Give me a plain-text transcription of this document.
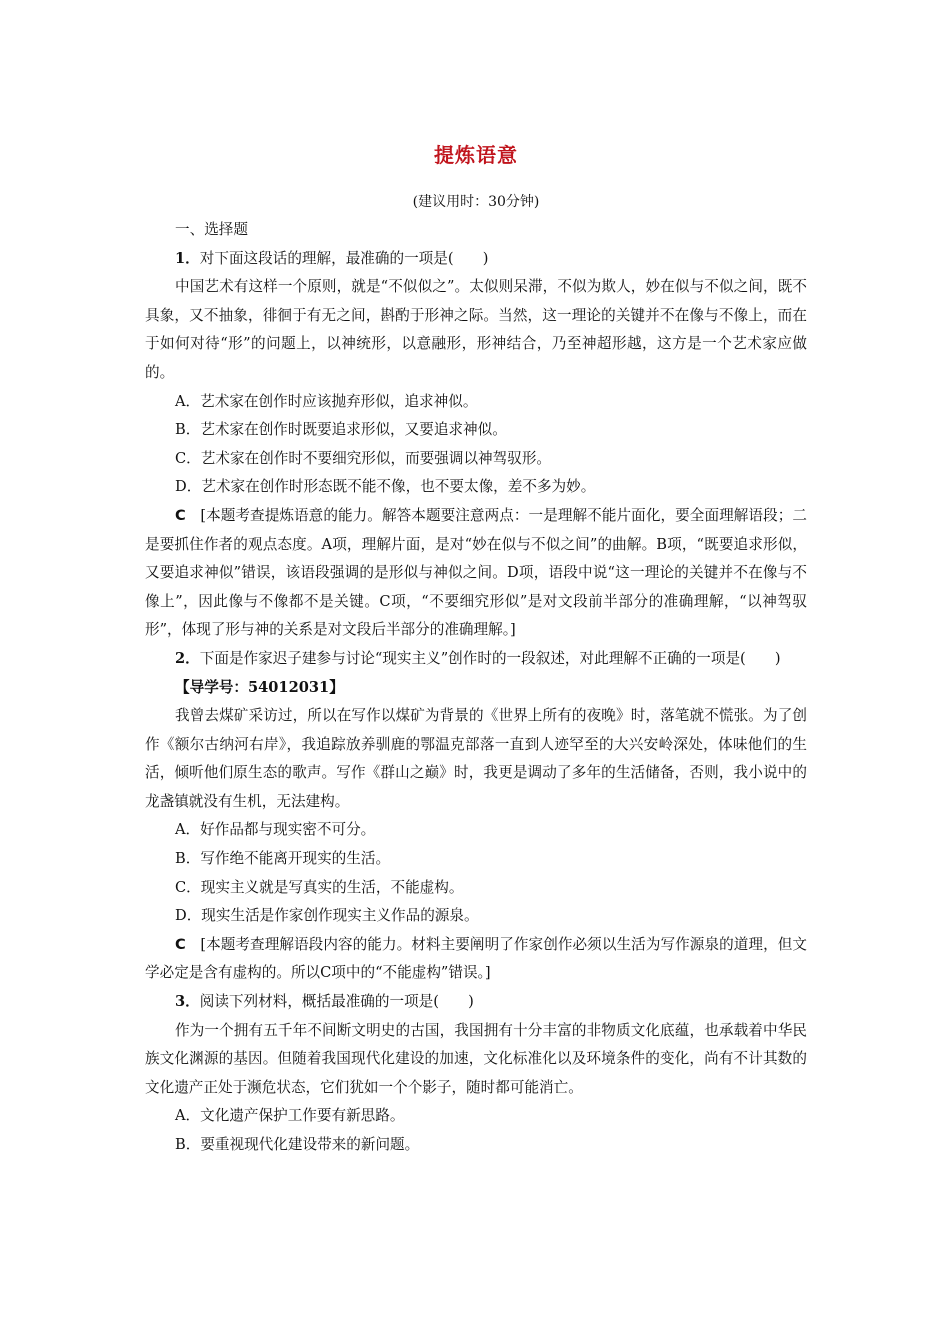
提炼语意
(建议用时：30分钟)

一、选择题

1．对下面这段话的理解，最准确的一项是(　　)

中国艺术有这样一个原则，就是“不似似之”。太似则呆滞，不似为欺人，妙在似与不似之间，既不具象，又不抽象，徘徊于有无之间，斟酌于形神之际。当然，这一理论的关键并不在像与不像上，而在于如何对待“形”的问题上，以神统形，以意融形，形神结合，乃至神超形越，这方是一个艺术家应做的。

A．艺术家在创作时应该抛弃形似，追求神似。

B．艺术家在创作时既要追求形似，又要追求神似。

C．艺术家在创作时不要细究形似，而要强调以神驾驭形。

D．艺术家在创作时形态既不能不像，也不要太像，差不多为妙。

C  [本题考查提炼语意的能力。解答本题要注意两点：一是理解不能片面化，要全面理解语段；二是要抓住作者的观点态度。A项，理解片面，是对“妙在似与不似之间”的曲解。B项，“既要追求形似，又要追求神似”错误，该语段强调的是形似与神似之间。D项，语段中说“这一理论的关键并不在像与不像上”，因此像与不像都不是关键。C项，“不要细究形似”是对文段前半部分的准确理解，“以神驾驭形”，体现了形与神的关系是对文段后半部分的准确理解。]

2．下面是作家迟子建参与讨论“现实主义”创作时的一段叙述，对此理解不正确的一项是(　　)

【导学号：54012031】

我曾去煤矿采访过，所以在写作以煤矿为背景的《世界上所有的夜晚》时，落笔就不慌张。为了创作《额尔古纳河右岸》，我追踪放养驯鹿的鄂温克部落一直到人迹罕至的大兴安岭深处，体味他们的生活，倾听他们原生态的歌声。写作《群山之巅》时，我更是调动了多年的生活储备，否则，我小说中的龙盏镇就没有生机，无法建构。

A．好作品都与现实密不可分。

B．写作绝不能离开现实的生活。

C．现实主义就是写真实的生活，不能虚构。

D．现实生活是作家创作现实主义作品的源泉。

C  [本题考查理解语段内容的能力。材料主要阐明了作家创作必须以生活为写作源泉的道理，但文学必定是含有虚构的。所以C项中的“不能虚构”错误。]

3．阅读下列材料，概括最准确的一项是(　　)

作为一个拥有五千年不间断文明史的古国，我国拥有十分丰富的非物质文化底蕴，也承载着中华民族文化渊源的基因。但随着我国现代化建设的加速，文化标准化以及环境条件的变化，尚有不计其数的文化遗产正处于濒危状态，它们犹如一个个影子，随时都可能消亡。

A．文化遗产保护工作要有新思路。

B．要重视现代化建设带来的新问题。
